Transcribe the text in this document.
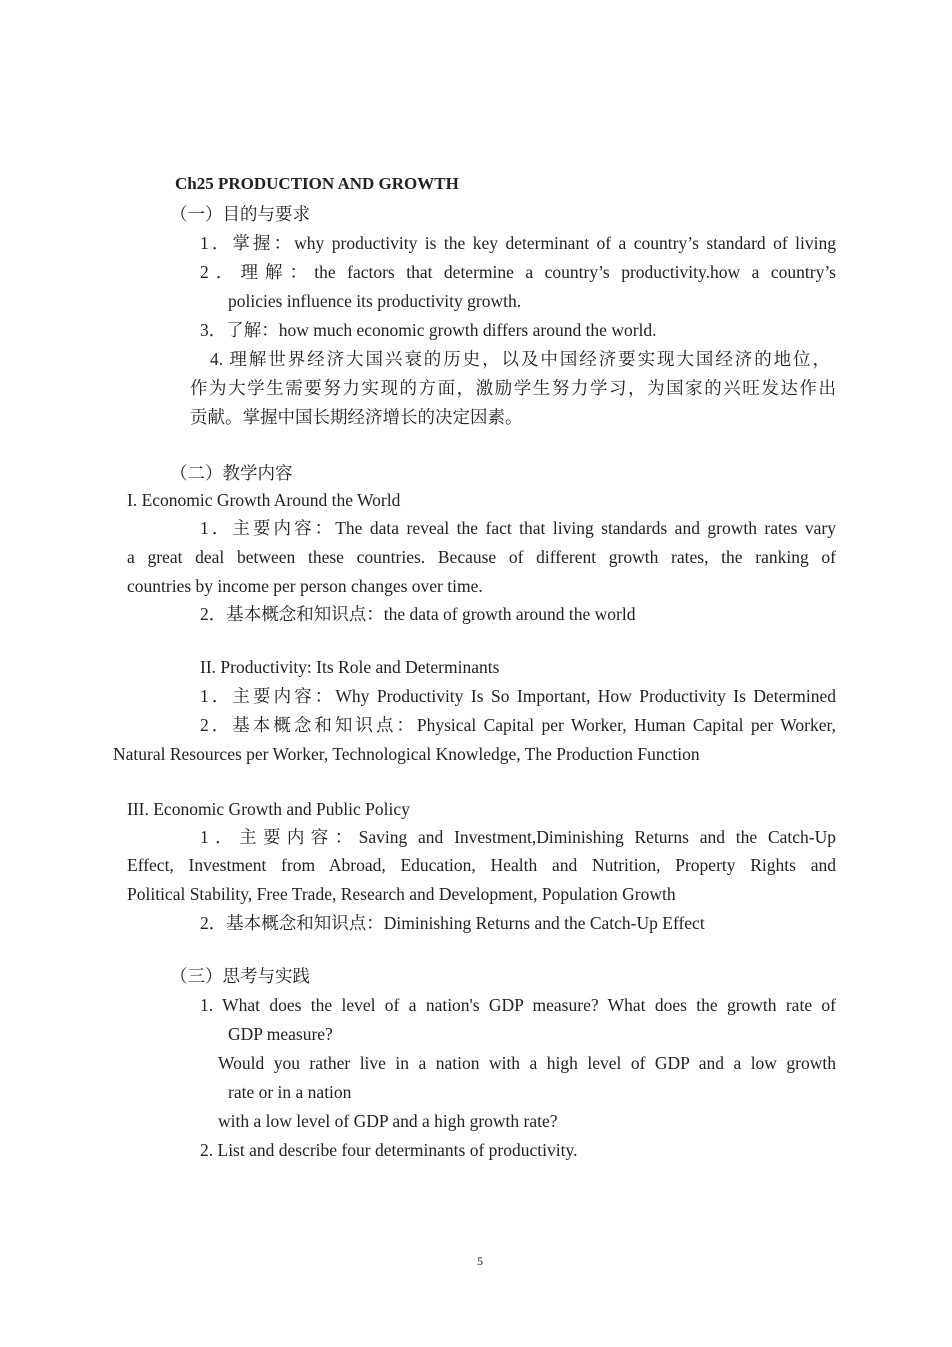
Ch25 PRODUCTION AND GROWTH
（一）目的与要求
1．掌握：why productivity is the key determinant of a country’s standard of living
2．理解：the factors that determine a country’s productivity.how a country’s
policies influence its productivity growth.
3．了解：how much economic growth differs around the world.
4. 理解世界经济大国兴衰的历史，以及中国经济要实现大国经济的地位，
作为大学生需要努力实现的方面，激励学生努力学习，为国家的兴旺发达作出
贡献。掌握中国长期经济增长的决定因素。
（二）教学内容
I. Economic Growth Around the World
1．主要内容：The data reveal the fact that living standards and growth rates vary
a great deal between these countries. Because of different growth rates, the ranking of
countries by income per person changes over time.
2．基本概念和知识点：the data of growth around the world
II. Productivity: Its Role and Determinants
1．主要内容：Why Productivity Is So Important, How Productivity Is Determined
2．基本概念和知识点：Physical Capital per Worker, Human Capital per Worker,
Natural Resources per Worker, Technological Knowledge, The Production Function
III. Economic Growth and Public Policy
1．主要内容：Saving and Investment,Diminishing Returns and the Catch-Up
Effect, Investment from Abroad, Education, Health and Nutrition, Property Rights and
Political Stability, Free Trade, Research and Development, Population Growth
2．基本概念和知识点：Diminishing Returns and the Catch-Up Effect
（三）思考与实践
1. What does the level of a nation's GDP measure? What does the growth rate of
GDP measure?
Would you rather live in a nation with a high level of GDP and a low growth
rate or in a nation
with a low level of GDP and a high growth rate?
2. List and describe four determinants of productivity.
5
